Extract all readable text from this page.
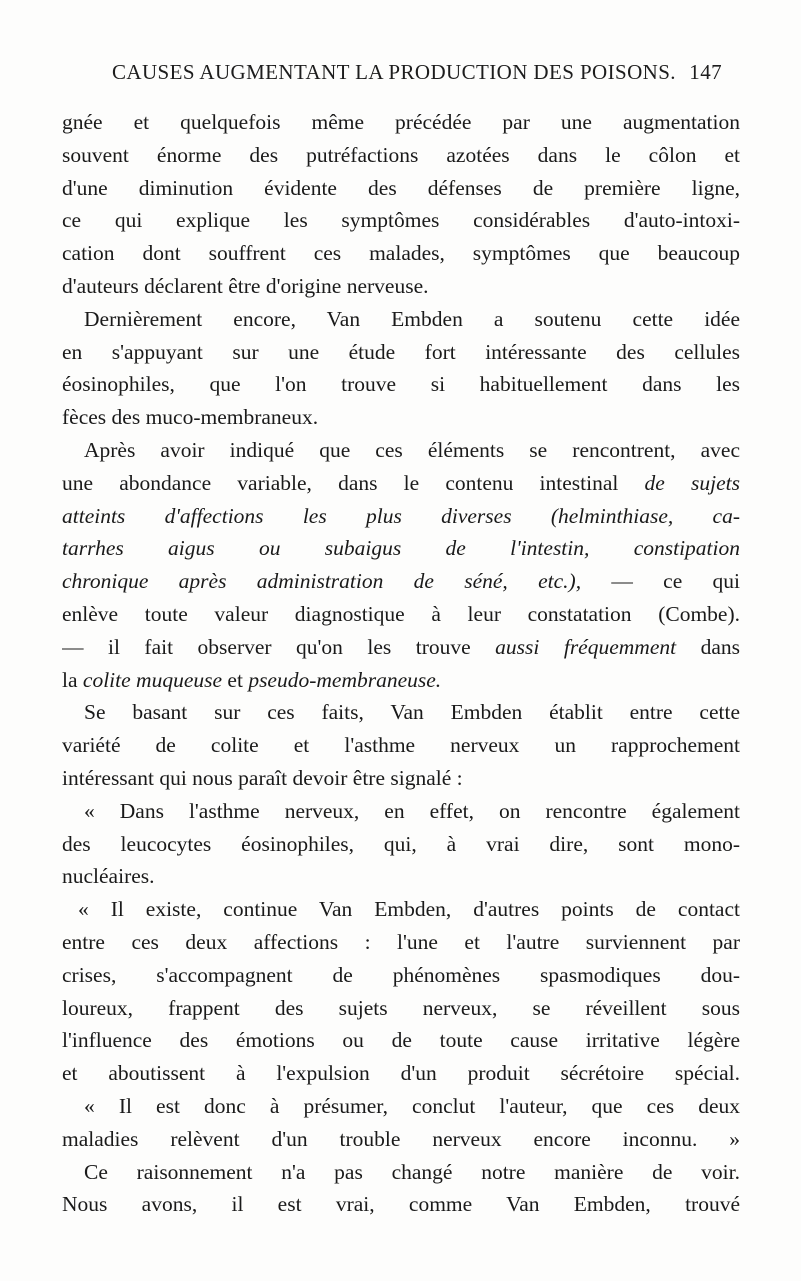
CAUSES AUGMENTANT LA PRODUCTION DES POISONS. 147
gnée et quelquefois même précédée par une augmentation
souvent énorme des putréfactions azotées dans le côlon et
d'une diminution évidente des défenses de première ligne,
ce qui explique les symptômes considérables d'auto-intoxi-
cation dont souffrent ces malades, symptômes que beaucoup
d'auteurs déclarent être d'origine nerveuse.
Dernièrement encore, Van Embden a soutenu cette idée
en s'appuyant sur une étude fort intéressante des cellules
éosinophiles, que l'on trouve si habituellement dans les
fèces des muco-membraneux.
Après avoir indiqué que ces éléments se rencontrent, avec
une abondance variable, dans le contenu intestinal de sujets
atteints d'affections les plus diverses (helminthiase, ca-
tarrhes aigus ou subaigus de l'intestin, constipation
chronique après administration de séné, etc.), — ce qui
enlève toute valeur diagnostique à leur constatation (Combe).
— il fait observer qu'on les trouve aussi fréquemment dans
la colite muqueuse et pseudo-membraneuse.
Se basant sur ces faits, Van Embden établit entre cette
variété de colite et l'asthme nerveux un rapprochement
intéressant qui nous paraît devoir être signalé :
« Dans l'asthme nerveux, en effet, on rencontre également
des leucocytes éosinophiles, qui, à vrai dire, sont mono-
nucléaires.
« Il existe, continue Van Embden, d'autres points de contact
entre ces deux affections : l'une et l'autre surviennent par
crises, s'accompagnent de phénomènes spasmodiques dou-
loureux, frappent des sujets nerveux, se réveillent sous
l'influence des émotions ou de toute cause irritative légère
et aboutissent à l'expulsion d'un produit sécrétoire spécial.
« Il est donc à présumer, conclut l'auteur, que ces deux
maladies relèvent d'un trouble nerveux encore inconnu. »
Ce raisonnement n'a pas changé notre manière de voir.
Nous avons, il est vrai, comme Van Embden, trouvé
